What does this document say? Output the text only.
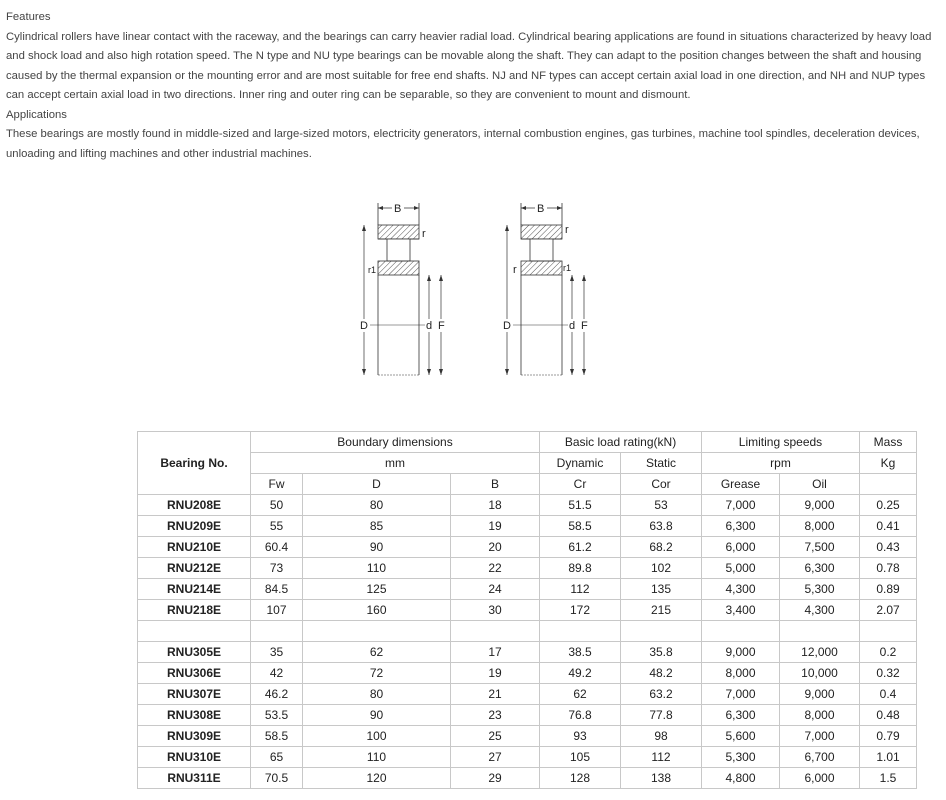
Features

Cylindrical rollers have linear contact with the raceway, and the bearings can carry heavier radial load. Cylindrical bearing applications are found in situations characterized by heavy load and shock load and also high rotation speed. The N type and NU type bearings can be movable along the shaft. They can adapt to the position changes between the shaft and housing caused by the thermal expansion or the mounting error and are most suitable for free end shafts. NJ and NF types can accept certain axial load in one direction, and NH and NUP types can accept certain axial load in two directions. Inner ring and outer ring can be separable, so they are convenient to mount and dismount.

Applications

These bearings are mostly found in middle-sized and large-sized motors, electricity generators, internal combustion engines, gas turbines, machine tool spindles, deceleration devices, unloading and lifting machines and other industrial machines.

B
r
r1
D	d F
B
r
r1
r
D	d F
Bearing No.	Boundary dimensions			Basic load rating(kN)		Limiting speeds		Mass
	mm			Dynamic	Static	rpm		Kg
	Fw	D	B	Cr	Cor	Grease	Oil	
RNU208E	50	80	18	51.5	53	7,000	9,000	0.25
RNU209E	55	85	19	58.5	63.8	6,300	8,000	0.41
RNU210E	60.4	90	20	61.2	68.2	6,000	7,500	0.43
RNU212E	73	110	22	89.8	102	5,000	6,300	0.78
RNU214E	84.5	125	24	112	135	4,300	5,300	0.89
RNU218E	107	160	30	172	215	3,400	4,300	2.07

RNU305E	35	62	17	38.5	35.8	9,000	12,000	0.2
RNU306E	42	72	19	49.2	48.2	8,000	10,000	0.32
RNU307E	46.2	80	21	62	63.2	7,000	9,000	0.4
RNU308E	53.5	90	23	76.8	77.8	6,300	8,000	0.48
RNU309E	58.5	100	25	93	98	5,600	7,000	0.79
RNU310E	65	110	27	105	112	5,300	6,700	1.01
RNU311E	70.5	120	29	128	138	4,800	6,000	1.5
